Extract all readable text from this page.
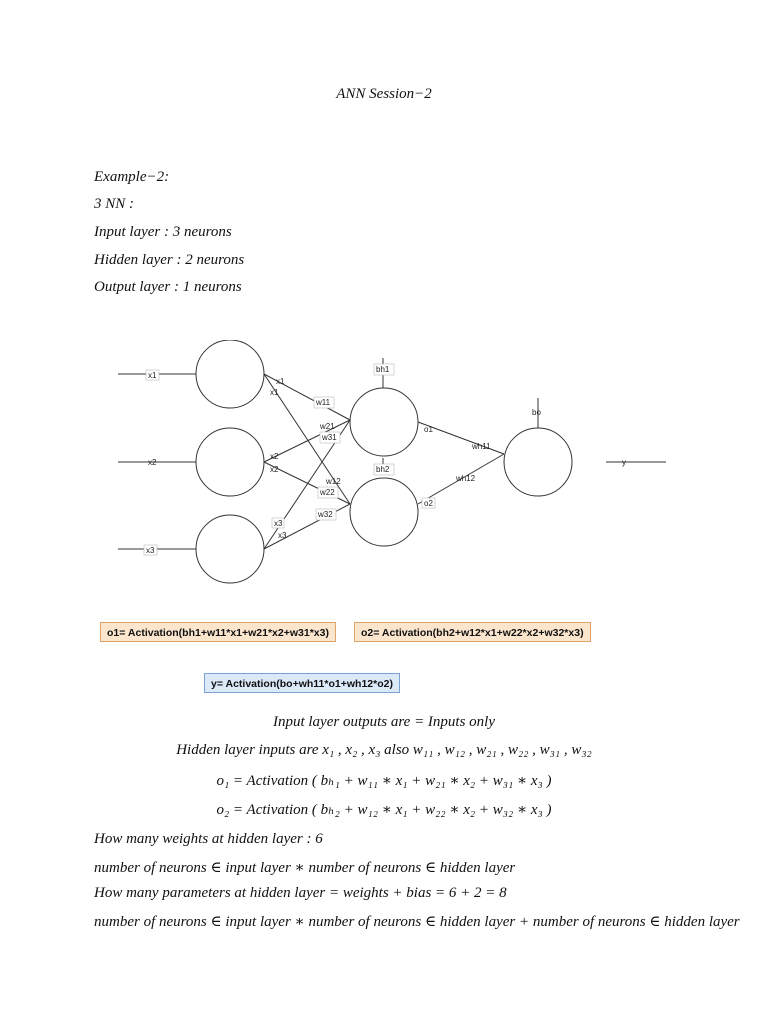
ANN Session−2
Example−2:
3 NN :
Input layer : 3 neurons
Hidden layer : 2 neurons
Output layer : 1 neurons
x1
x2
x3
y
bh1
bh2
bo
x1
x1
x2
x2
x3
x3
w11
w21
w31
w12
w22
w32
o1
o2
wh11
wh12
o1= Activation(bh1+w11*x1+w21*x2+w31*x3)	o2= Activation(bh2+w12*x1+w22*x2+w32*x3)
y= Activation(bo+wh11*o1+wh12*o2)
Input layer outputs are = Inputs only
Hidden layer inputs are x₁ , x₂ , x₃ also w₁₁ , w₁₂ , w₂₁ , w₂₂ , w₃₁ , w₃₂
o₁ = Activation ( bₕ₁ + w₁₁ ∗ x₁ + w₂₁ ∗ x₂ + w₃₁ ∗ x₃ )
o₂ = Activation ( bₕ₂ + w₁₂ ∗ x₁ + w₂₂ ∗ x₂ + w₃₂ ∗ x₃ )
How many weights at hidden layer : 6
number of neurons ∈ input layer ∗ number of neurons ∈ hidden layer
How many parameters at hidden layer = weights + bias = 6 + 2 = 8
number of neurons ∈ input layer ∗ number of neurons ∈ hidden layer + number of neurons ∈ hidden layer
